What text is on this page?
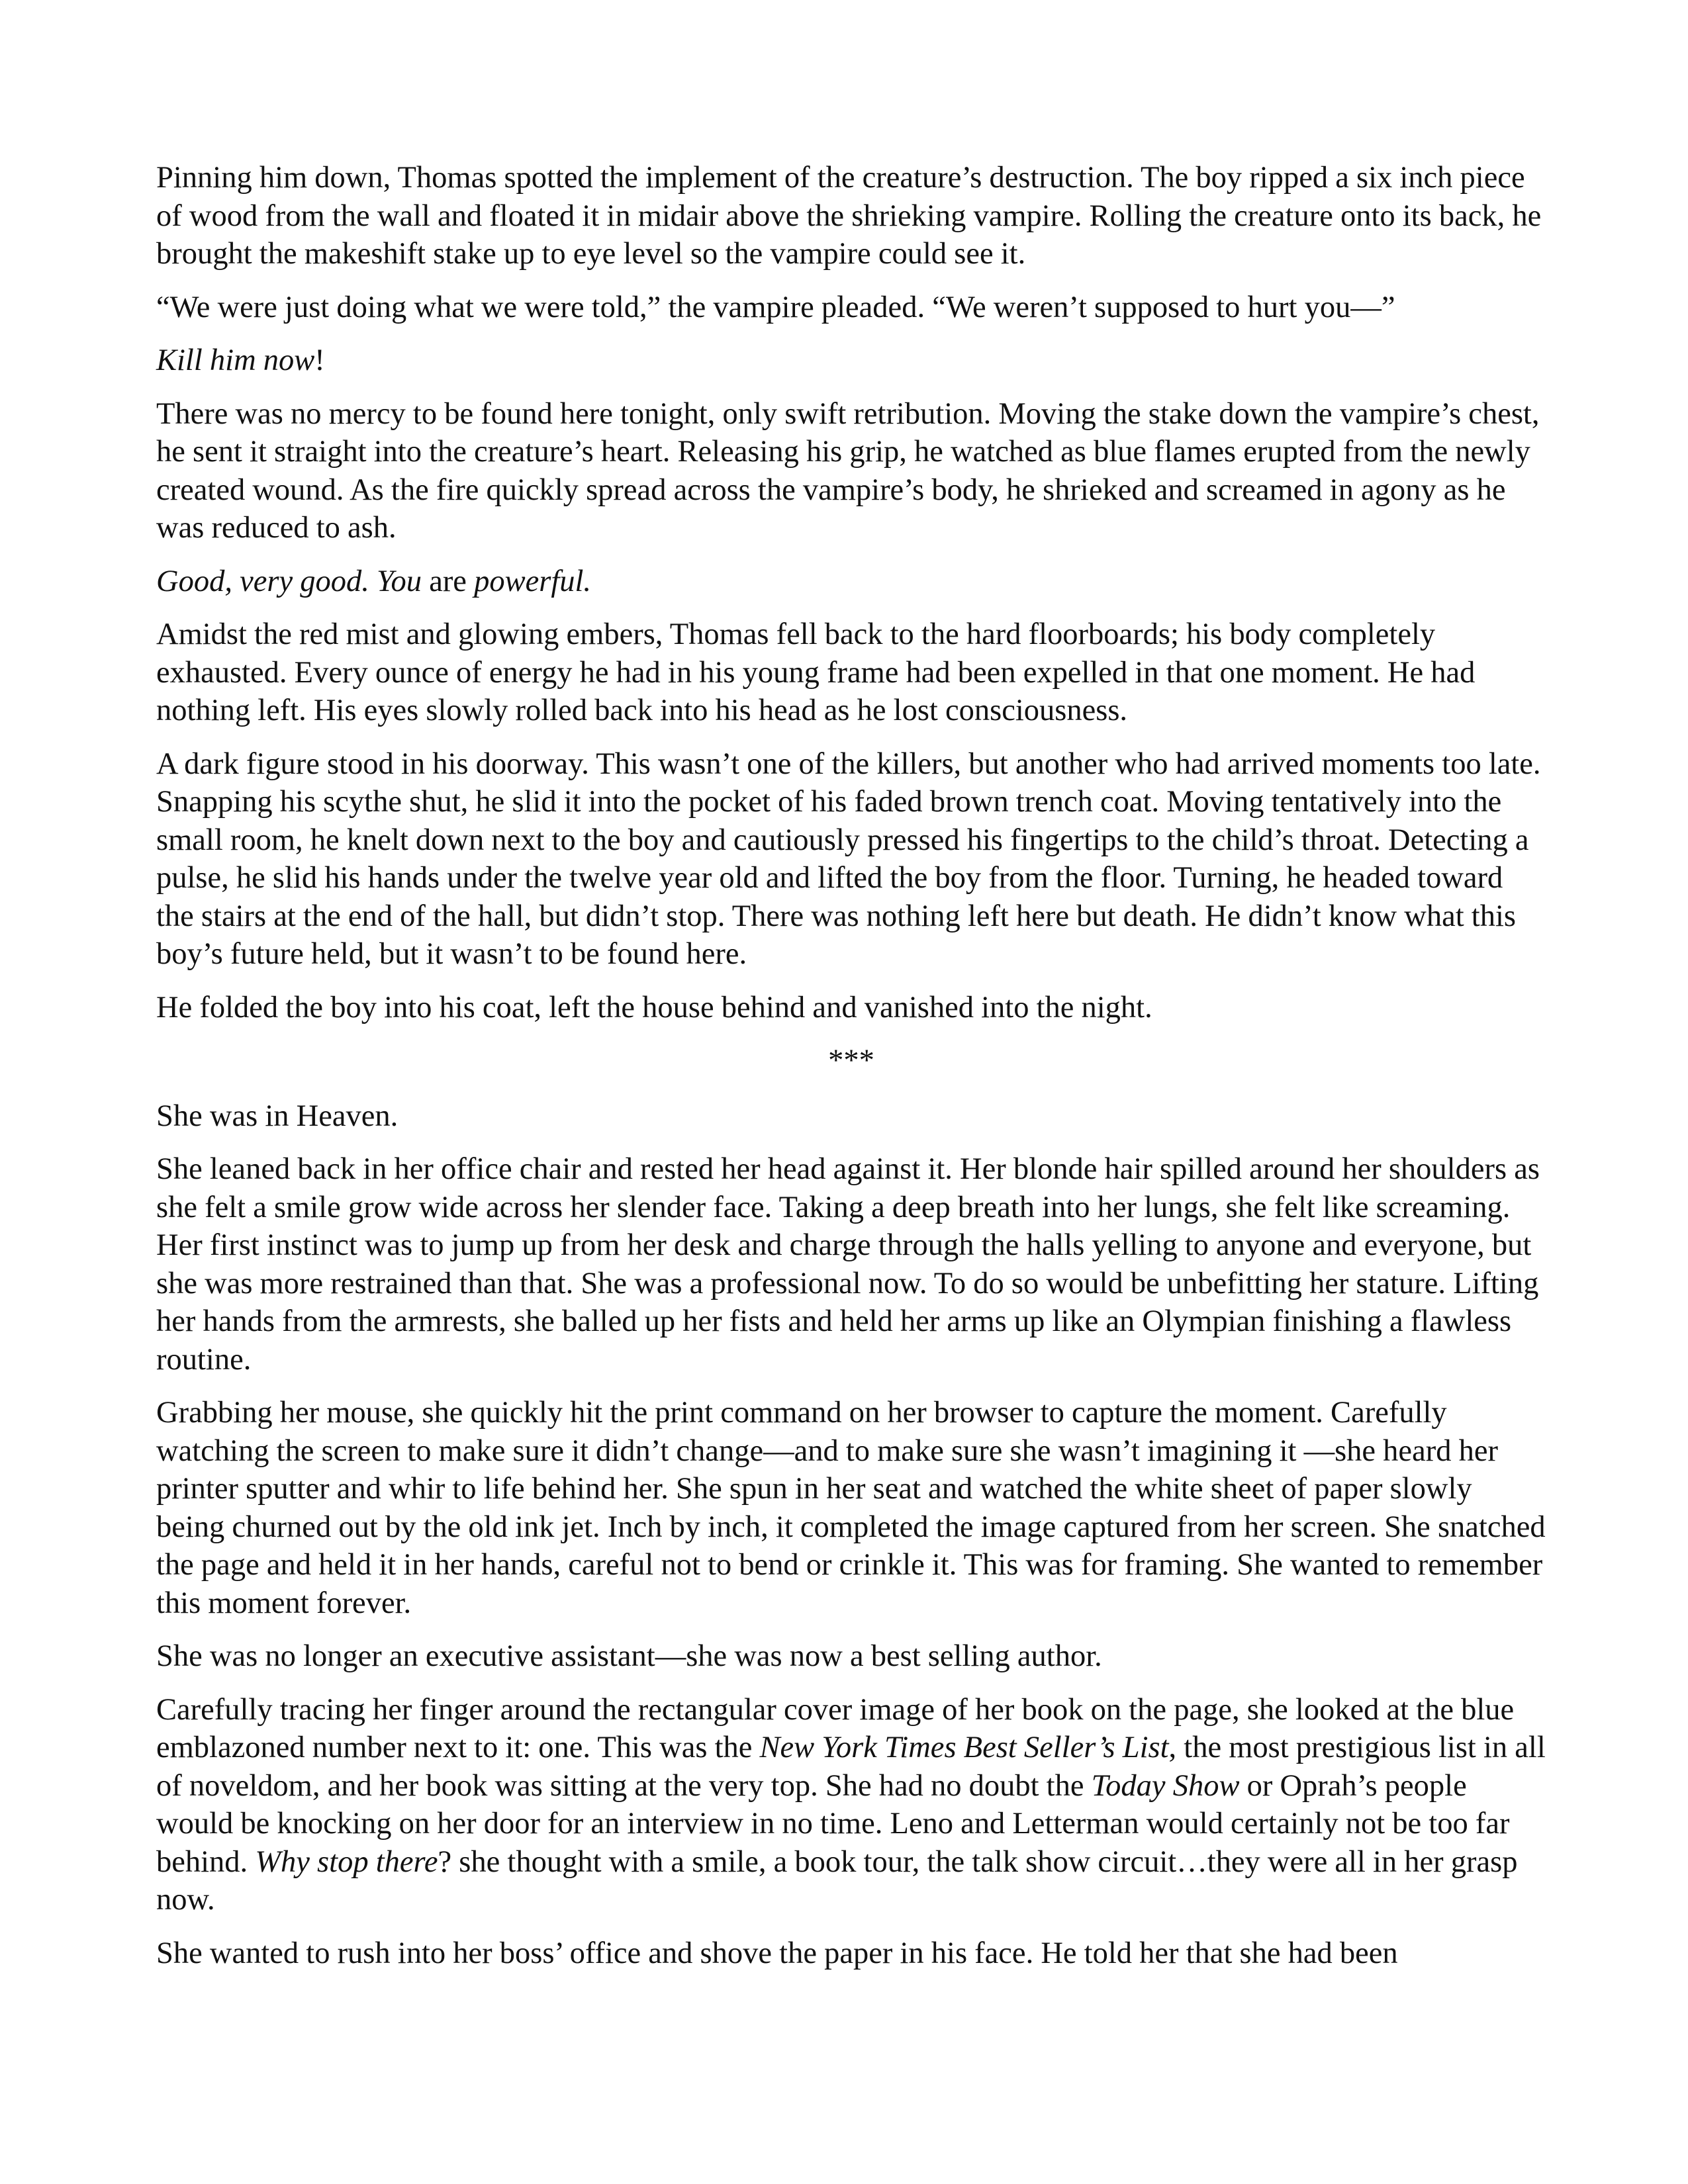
Pinning him down, Thomas spotted the implement of the creature’s destruction. The boy ripped a six inch piece of wood from the wall and floated it in midair above the shrieking vampire. Rolling the creature onto its back, he brought the makeshift stake up to eye level so the vampire could see it.

“We were just doing what we were told,” the vampire pleaded. “We weren’t supposed to hurt you—”

Kill him now!

There was no mercy to be found here tonight, only swift retribution. Moving the stake down the vampire’s chest, he sent it straight into the creature’s heart. Releasing his grip, he watched as blue flames erupted from the newly created wound. As the fire quickly spread across the vampire’s body, he shrieked and screamed in agony as he was reduced to ash.

Good, very good. You are powerful.

Amidst the red mist and glowing embers, Thomas fell back to the hard floorboards; his body completely exhausted. Every ounce of energy he had in his young frame had been expelled in that one moment. He had nothing left. His eyes slowly rolled back into his head as he lost consciousness.

A dark figure stood in his doorway. This wasn’t one of the killers, but another who had arrived moments too late. Snapping his scythe shut, he slid it into the pocket of his faded brown trench coat. Moving tentatively into the small room, he knelt down next to the boy and cautiously pressed his fingertips to the child’s throat. Detecting a pulse, he slid his hands under the twelve year old and lifted the boy from the floor. Turning, he headed toward the stairs at the end of the hall, but didn’t stop. There was nothing left here but death. He didn’t know what this boy’s future held, but it wasn’t to be found here.

He folded the boy into his coat, left the house behind and vanished into the night.

***

She was in Heaven.

She leaned back in her office chair and rested her head against it. Her blonde hair spilled around her shoulders as she felt a smile grow wide across her slender face. Taking a deep breath into her lungs, she felt like screaming. Her first instinct was to jump up from her desk and charge through the halls yelling to anyone and everyone, but she was more restrained than that. She was a professional now. To do so would be unbefitting her stature. Lifting her hands from the armrests, she balled up her fists and held her arms up like an Olympian finishing a flawless routine.

Grabbing her mouse, she quickly hit the print command on her browser to capture the moment. Carefully watching the screen to make sure it didn’t change—and to make sure she wasn’t imagining it —she heard her printer sputter and whir to life behind her. She spun in her seat and watched the white sheet of paper slowly being churned out by the old ink jet. Inch by inch, it completed the image captured from her screen. She snatched the page and held it in her hands, careful not to bend or crinkle it. This was for framing. She wanted to remember this moment forever.

She was no longer an executive assistant—she was now a best selling author.

Carefully tracing her finger around the rectangular cover image of her book on the page, she looked at the blue emblazoned number next to it: one. This was the New York Times Best Seller’s List, the most prestigious list in all of noveldom, and her book was sitting at the very top. She had no doubt the Today Show or Oprah’s people would be knocking on her door for an interview in no time. Leno and Letterman would certainly not be too far behind. Why stop there? she thought with a smile, a book tour, the talk show circuit…they were all in her grasp now.

She wanted to rush into her boss’ office and shove the paper in his face. He told her that she had been
